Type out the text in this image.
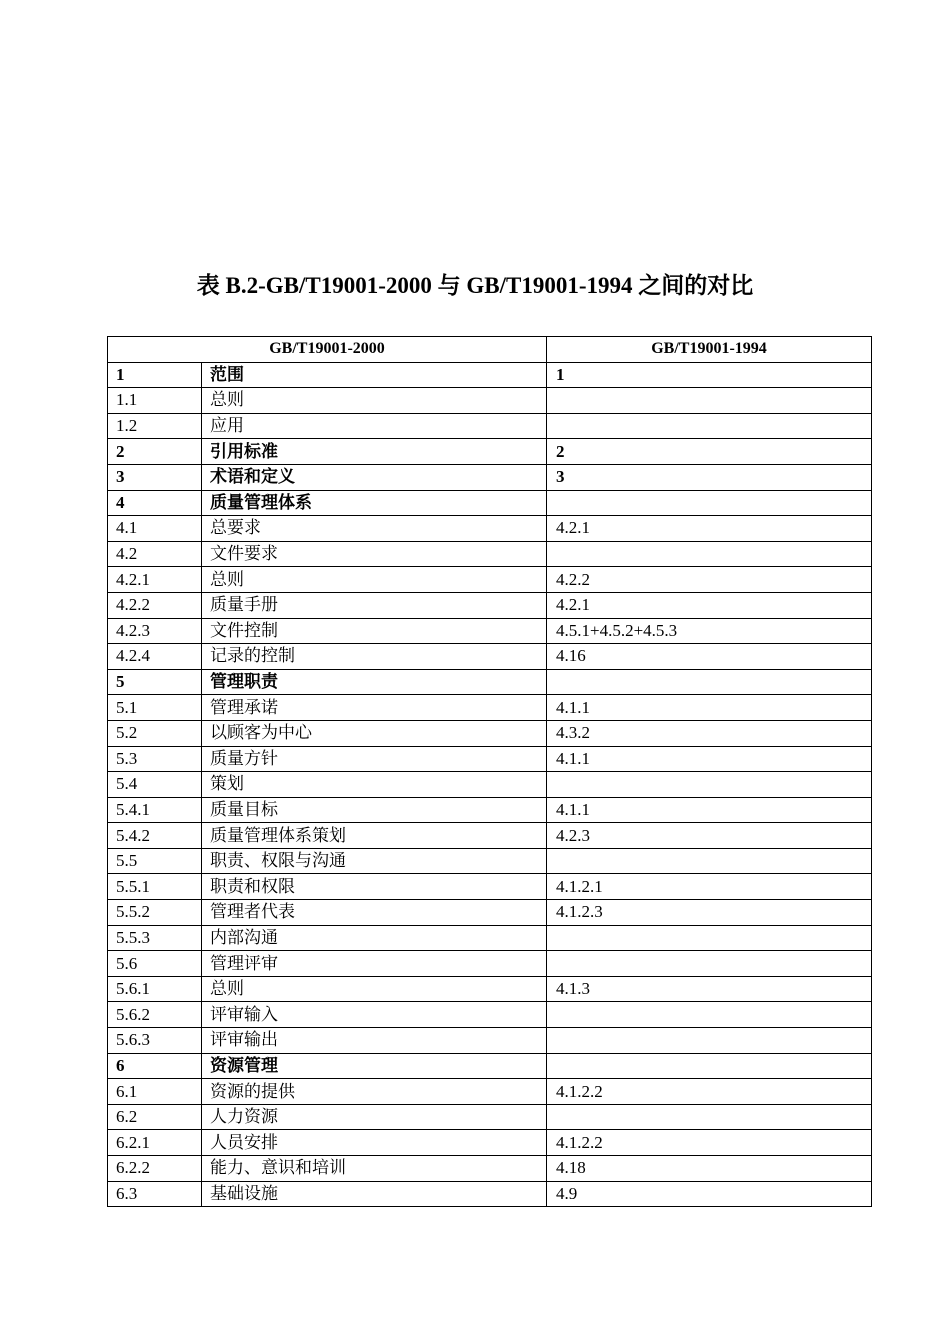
表 B.2-GB/T19001-2000 与 GB/T19001-1994 之间的对比
GB/T19001-2000		GB/T19001-1994
1	范围	1
1.1	总则	
1.2	应用	
2	引用标准	2
3	术语和定义	3
4	质量管理体系	
4.1	总要求	4.2.1
4.2	文件要求	
4.2.1	总则	4.2.2
4.2.2	质量手册	4.2.1
4.2.3	文件控制	4.5.1+4.5.2+4.5.3
4.2.4	记录的控制	4.16
5	管理职责	
5.1	管理承诺	4.1.1
5.2	以顾客为中心	4.3.2
5.3	质量方针	4.1.1
5.4	策划	
5.4.1	质量目标	4.1.1
5.4.2	质量管理体系策划	4.2.3
5.5	职责、权限与沟通	
5.5.1	职责和权限	4.1.2.1
5.5.2	管理者代表	4.1.2.3
5.5.3	内部沟通	
5.6	管理评审	
5.6.1	总则	4.1.3
5.6.2	评审输入	
5.6.3	评审输出	
6	资源管理	
6.1	资源的提供	4.1.2.2
6.2	人力资源	
6.2.1	人员安排	4.1.2.2
6.2.2	能力、意识和培训	4.18
6.3	基础设施	4.9
